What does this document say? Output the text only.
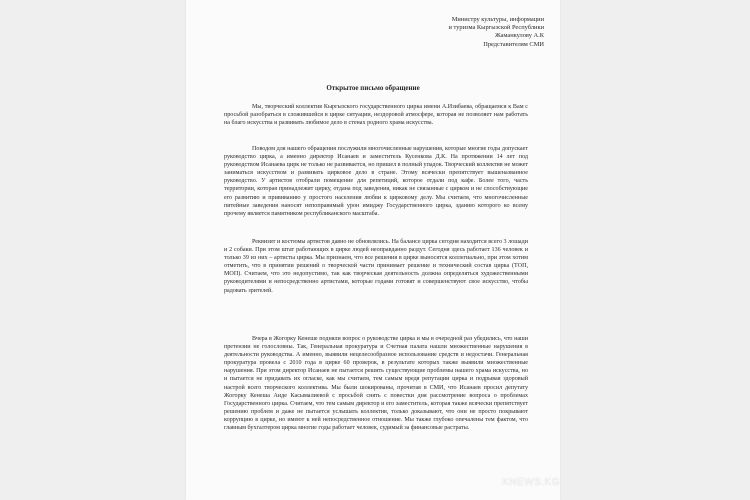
Министру культуры, информации
и туризма Кыргызской Республики
Жаманкулову А.К
Представителям СМИ
Открытое письмо обращение

Мы, творческий коллектив Кыргызского государственного цирка имени А.Изибаева, обращаемся к Вам с просьбой разобраться в сложившейся в цирке ситуации, нездоровой атмосфере, которая не позволяет нам работать на благо искусства и развивать любимое дело в стенах родного храма искусства.

Поводом для нашего обращения послужили многочисленные нарушения, которые многие годы допускает руководство цирка, а именно директор Исанаев и заместитель Кусенкова Д.К. На протяжении 14 лет под руководством Исанаева цирк не только не развивается, но пришел в полный упадок. Творческий коллектив не может заниматься искусством и развивать цирковое дело в стране. Этому всячески препятствует вышеназванное руководство. У артистов отобрали помещение для репетиций, которое отдали под кафе. Более того, часть территории, которая принадлежит цирку, отдана под заведения, никак не связанные с цирком и не способствующие его развитию и прививанию у простого населения любви к цирковому делу. Мы считаем, что многочисленные питейные заведения наносят непоправимый урон имиджу Государственного цирка, зданию которого ко всему прочему является памятником республиканского масштаба.

Реквизит и костюмы артистов давно не обновлялись. На балансе цирка сегодня находится всего 3 лошади и 2 собаки. При этом штат работающих в цирке людей неоправданно раздут. Сегодня здесь работает 136 человек и только 39 из них – артисты цирка. Мы признаем, что все решения в цирке выносятся коллегиально, при этом хотим отметить, что в принятии решений о творческой части принимает решение и технический состав цирка (ТОП, МОП). Считаем, что это недопустимо, так как творческая деятельность должна определяться художественными руководителями и непосредственно артистами, которые годами готовят и совершенствуют свое искусство, чтобы радовать зрителей.

Вчера в Жогорку Кенеше подняли вопрос о руководстве цирка и мы в очередной раз убедились, что наши претензии не голословны. Так, Генеральная прокуратура и Счетная палата нашли множественные нарушения в деятельности руководства. А именно, выявили нецелесообразное использование средств и недостачи. Генеральная прокуратура провела с 2010 года в цирке 60 проверок, в результате которых также выявили множественные нарушения. При этом директор Исанаев не пытается решить существующие проблемы нашего храма искусства, но и пытается не придавать их огласке, как мы считаем, тем самым вредя репутации цирка и подрывая здоровый настрой всего творческого коллектива. Мы были шокированы, прочитав в СМИ, что Исанаев просил депутату Жогорку Кенеша Аиде Касымалиевой с просьбой снять с повестки дня рассмотрение вопроса о проблемах Государственного цирка. Считаем, что тем самым директор и его заместитель, которая также всячески препятствует решению проблем и даже не пытается услышать коллектив, только доказывают, что они не просто покрывают коррупцию в цирке, но имеют к ней непосредственное отношение. Мы также глубоко опечалены тем фактом, что главным бухгалтером цирка многие годы работает человек, судимый за финансовые растраты.

KNEWS.KG
